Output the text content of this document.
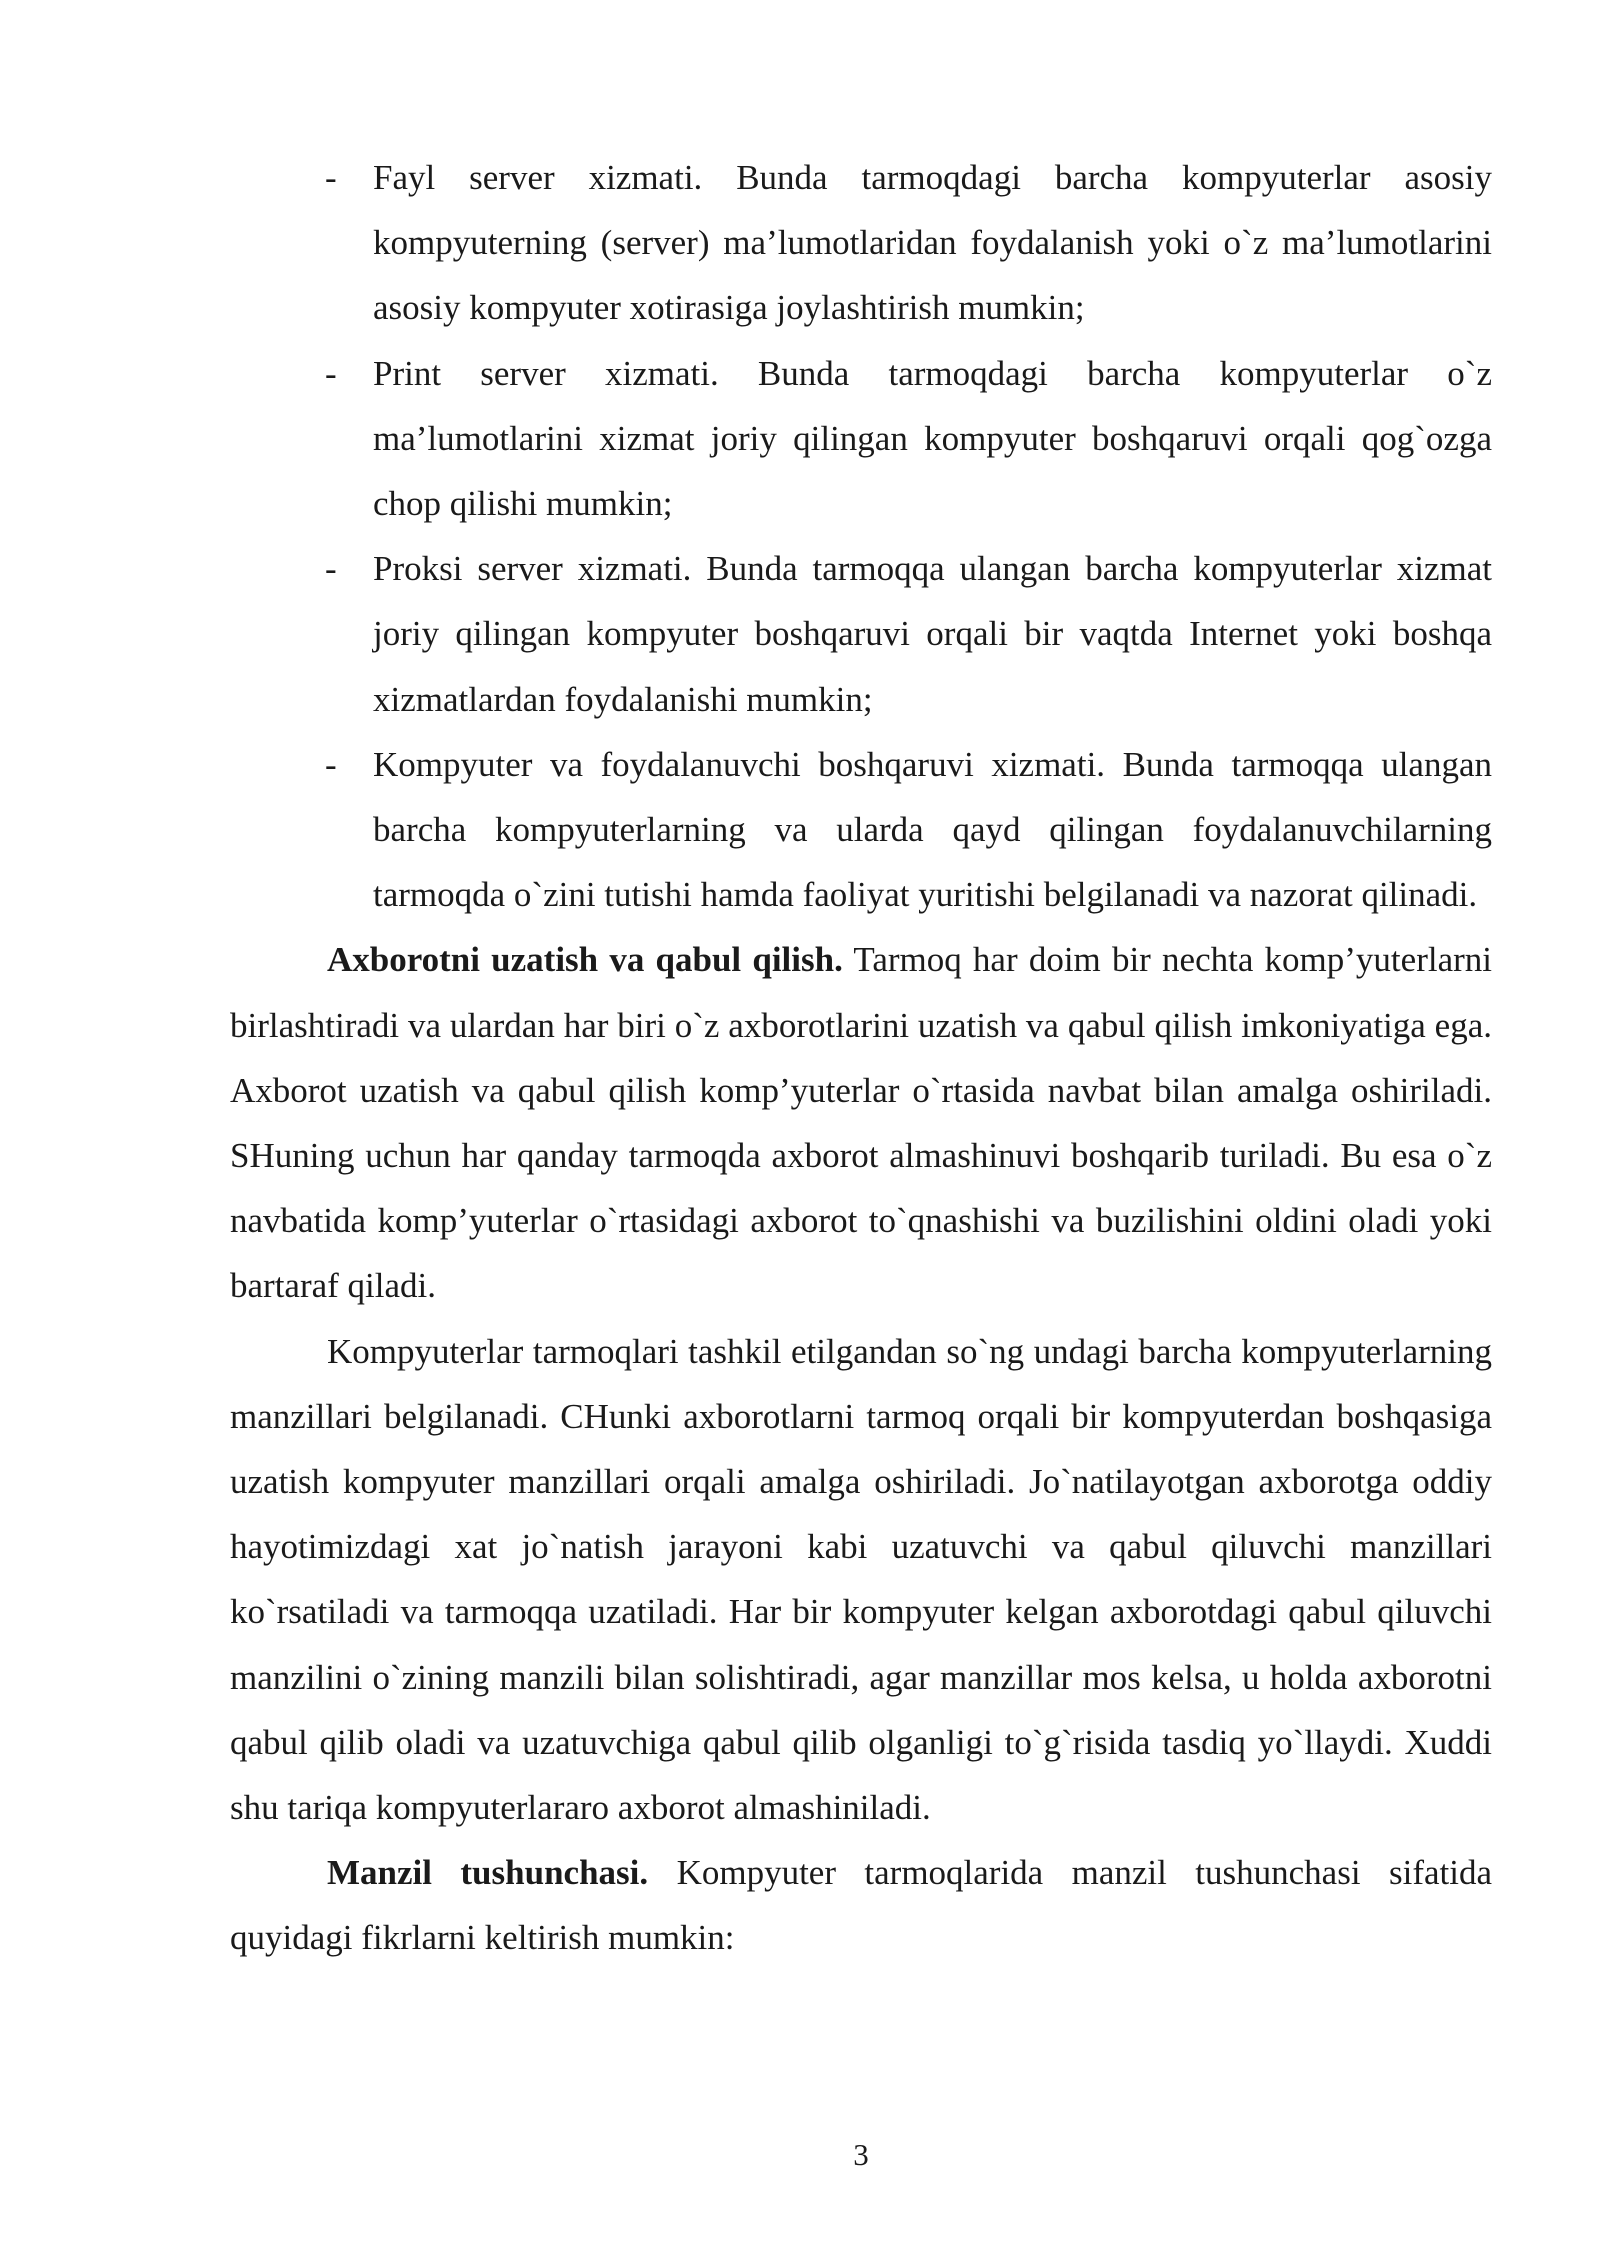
- Fayl server xizmati. Bunda tarmoqdagi barcha kompyuterlar asosiy kompyuterning (server) ma’lumotlaridan foydalanish yoki o`z ma’lumotlarini asosiy kompyuter xotirasiga joylashtirish mumkin;
- Print server xizmati. Bunda tarmoqdagi barcha kompyuterlar o`z ma’lumotlarini xizmat joriy qilingan kompyuter boshqaruvi orqali qog`ozga chop qilishi mumkin;
- Proksi server xizmati. Bunda tarmoqqa ulangan barcha kompyuterlar xizmat joriy qilingan kompyuter boshqaruvi orqali bir vaqtda Internet yoki boshqa xizmatlardan foydalanishi mumkin;
- Kompyuter va foydalanuvchi boshqaruvi xizmati. Bunda tarmoqqa ulangan barcha kompyuterlarning va ularda qayd qilingan foydalanuvchilarning tarmoqda o`zini tutishi hamda faoliyat yuritishi belgilanadi va nazorat qilinadi.

Axborotni uzatish va qabul qilish. Tarmoq har doim bir nechta komp’yuterlarni birlashtiradi va ulardan har biri o`z axborotlarini uzatish va qabul qilish imkoniyatiga ega. Axborot uzatish va qabul qilish komp’yuterlar o`rtasida navbat bilan amalga oshiriladi. SHuning uchun har qanday tarmoqda axborot almashinuvi boshqarib turiladi. Bu esa o`z navbatida komp’yuterlar o`rtasidagi axborot to`qnashishi va buzilishini oldini oladi yoki bartaraf qiladi.

Kompyuterlar tarmoqlari tashkil etilgandan so`ng undagi barcha kompyuterlarning manzillari belgilanadi. CHunki axborotlarni tarmoq orqali bir kompyuterdan boshqasiga uzatish kompyuter manzillari orqali amalga oshiriladi. Jo`natilayotgan axborotga oddiy hayotimizdagi xat jo`natish jarayoni kabi uzatuvchi va qabul qiluvchi manzillari ko`rsatiladi va tarmoqqa uzatiladi. Har bir kompyuter kelgan axborotdagi qabul qiluvchi manzilini o`zining manzili bilan solishtiradi, agar manzillar mos kelsa, u holda axborotni qabul qilib oladi va uzatuvchiga qabul qilib olganligi to`g`risida tasdiq yo`llaydi. Xuddi shu tariqa kompyuterlararo axborot almashiniladi.

Manzil tushunchasi. Kompyuter tarmoqlarida manzil tushunchasi sifatida quyidagi fikrlarni keltirish mumkin:

3
